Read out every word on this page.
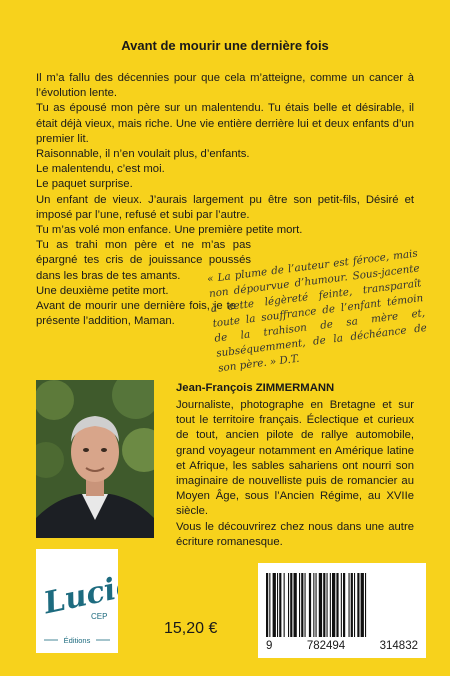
Avant de mourir une dernière fois

Il m’a fallu des décennies pour que cela m’atteigne, comme un cancer à l’évolution lente.

Tu as épousé mon père sur un malentendu. Tu étais belle et désirable, il était déjà vieux, mais riche. Une vie entière derrière lui et deux enfants d’un premier lit.

Raisonnable, il n’en voulait plus, d’enfants.

Le malentendu, c’est moi.

Le paquet surprise.

Un enfant de vieux. J’aurais largement pu être son petit-fils, Désiré et imposé par l’une, refusé et subi par l’autre.

Tu m’as volé mon enfance. Une première petite mort.

Tu as trahi mon père et ne m’as pas épargné tes cris de jouissance poussés dans les bras de tes amants.

Une deuxième petite mort.

Avant de mourir une dernière fois, je te présente l’addition, Maman.

« La plume de l’auteur est féroce, mais non dépourvue d’humour. Sous-jacente à cette légèreté feinte, transparaît toute la souffrance de l’enfant témoin de la trahison de sa mère et, subséquemment, de la déchéance de son père. » D.T.
Jean-François ZIMMERMANN

Journaliste, photographe en Bretagne et sur tout le territoire français. Éclectique et curieux de tout, ancien pilote de rallye automobile, grand voyageur notamment en Amérique latine et Afrique, les sables sahariens ont nourri son imaginaire de nouvelliste puis de romancier au Moyen Âge, sous l’Ancien Régime, au XVIIe siècle.

Vous le découvrirez chez nous dans une autre écriture romanesque.

Lucie
CEP
Éditions
15,20 €
9	782494	314832
